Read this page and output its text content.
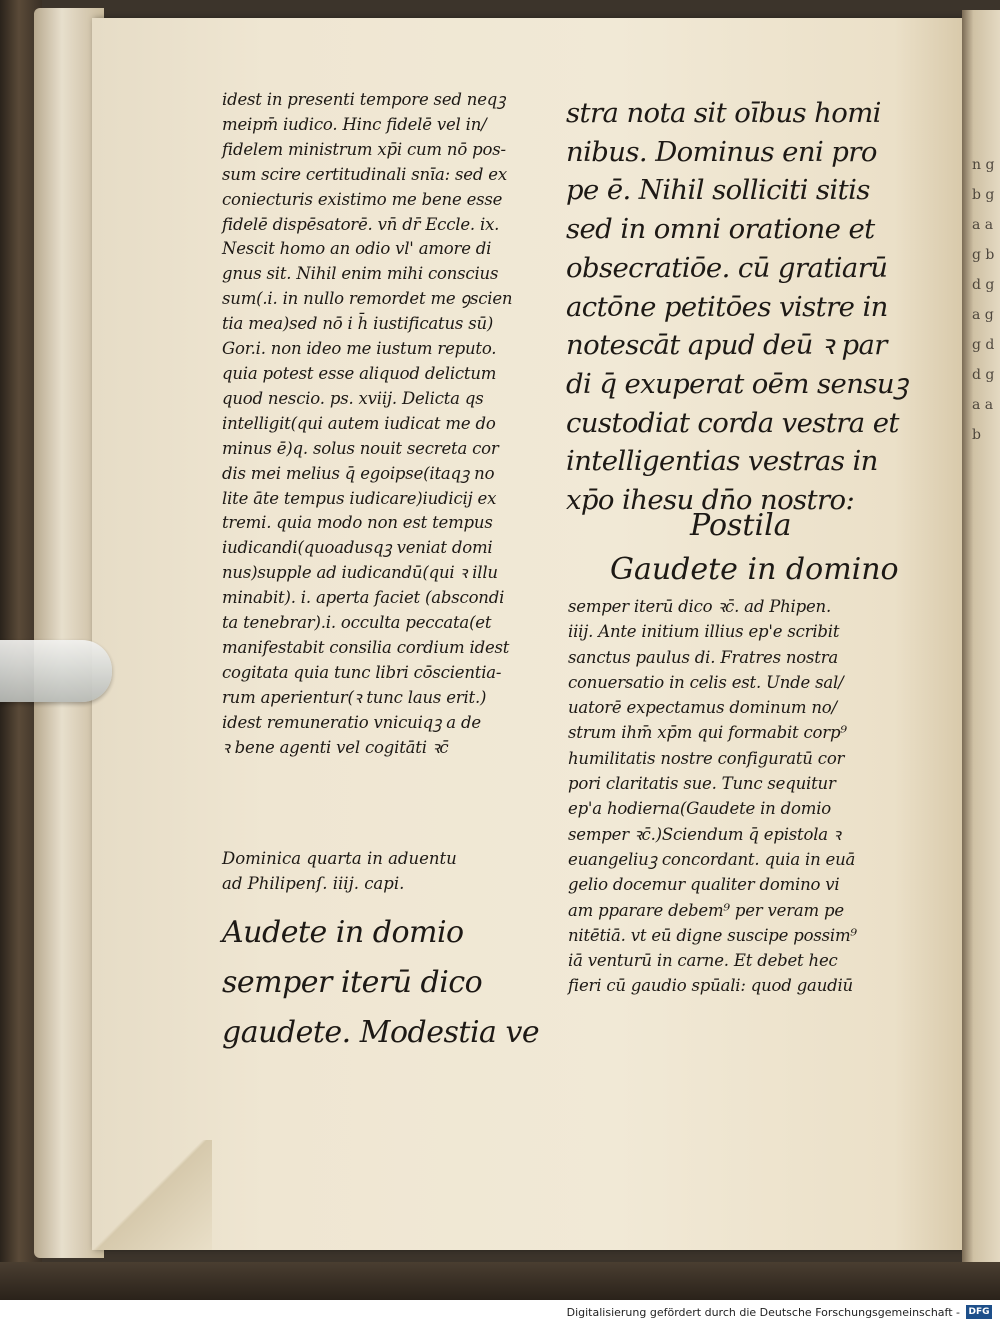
n g b g a a g b d g a g g d d g a a b
idest in presenti tempore sed neqꝫ
meipm̄ iudico. Hinc fidelē vel in/
fidelem ministrum xp̄i cum nō pos-
sum scire certitudinali snīa: sed ex
coniecturis existimo me bene esse
fidelē dispēsatorē. vn̄ dr̄ Eccle. ix.
Nescit homo an odio vl' amore di
gnus sit. Nihil enim mihi conscius
sum(.i. in nullo remordet me ꝯscien
tia mea)sed nō i h̄ iustificatus sū)
Gor.i. non ideo me iustum reputo.
quia potest esse aliquod delictum
quod nescio. ps. xviij. Delicta qs
intelligit(qui autem iudicat me do
minus ē)q. solus nouit secreta cor
dis mei melius q̄ egoipse(itaqꝫ no
lite āte tempus iudicare)iudicij ex
tremi. quia modo non est tempus
iudicandi(quoadusqꝫ veniat domi
nus)supple ad iudicandū(qui ꝛ illu
minabit). i. aperta faciet (abscondi
ta tenebrar).i. occulta peccata(et
manifestabit consilia cordium idest
cogitata quia tunc libri cōscientia-
rum aperientur(ꝛ tunc laus erit.)
idest remuneratio vnicuiqꝫ a de
ꝛ bene agenti vel cogitāti ꝛc̄
Dominica quarta in aduentu
ad Philipenſ. iiij. capi.
Audete in domio
semper iterū dico
gaudete. Modestia ve
stra nota sit oībus homi
nibus. Dominus eni pro
pe ē. Nihil solliciti sitis
sed in omni oratione et
obsecratiōe. cū gratiarū
actōne petitōes vistre in
notescāt apud deū ꝛ par
di q̄ exuperat oēm sensuꝫ
custodiat corda vestra et
intelligentias vestras in
xp̄o ihesu dn̄o nostro:
Postila
Gaudete in domino
semper iterū dico ꝛc̄. ad Phipen.
iiij. Ante initium illius ep'e scribit
sanctus paulus di. Fratres nostra
conuersatio in celis est. Unde sal/
uatorē expectamus dominum no/
strum ihm̄ xp̄m qui formabit corp⁹
humilitatis nostre configuratū cor
pori claritatis sue. Tunc sequitur
ep'a hodierna(Gaudete in domio
semper ꝛc̄.)Sciendum q̄ epistola ꝛ
euangeliuꝫ concordant. quia in euā
gelio docemur qualiter domino vi
am pparare debem⁹ per veram pe
nitētiā. vt eū digne suscipe possim⁹
iā venturū in carne. Et debet hec
fieri cū gaudio spūali: quod gaudiū
Digitalisierung gefördert durch die Deutsche Forschungsgemeinschaft - DFG
